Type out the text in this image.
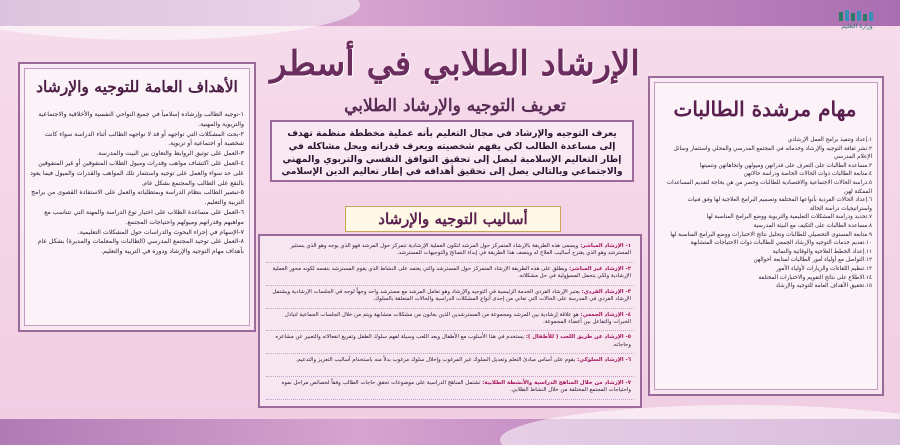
وزارة التعليم
الإرشاد الطلابي في أسطر
تعريف التوجيه والإرشاد الطلابي	مهام مرشدة الطالبات

١.إعداد وتنفيذ برامج العمل الإرشادي

٢.نشر ثقافة التوجيه والإرشاد وخدماته في المجتمع المدرسي والمحلي واستثمار وسائل الإعلام المدرسي

٣.مساعدة الطالبات على التعرف على قدراتهن وميولهن واتجاهاتهن وتنميتها

٤.متابعة الطالبات ذوات الحالات الخاصة ودراسة حالاتهن

٥.دراسة الحالات الاجتماعية والاقتصادية للطالبات وحصر من هن بحاجة لتقديم المساعدات الممكنة لهن

٦.إعداد الحالات الفردية بأنواعها المختلفة وتصميم البرامج العلاجية لها وفق فنيات واستراتيجيات دراسة الحالة

٧.تحديد ودراسة المشكلات التعليمية والتربوية ووضع البرامج المناسبة لها

٨.مساعدة الطالبات على التكيف مع البيئة المدرسية

٩.متابعة المستوى التحصيلي للطالبات وتحليل نتائج الاختبارات ووضع البرامج المناسبة لها

١٠.تقديم خدمات التوجيه والإرشاد الجمعي للطالبات ذوات الاحتياجات المتشابهة

١١.إعداد الخطط العلاجية والوقائية والنمائية

١٢.التواصل مع أولياء أمور الطالبات لمتابعة أحوالهن

١٣.تنظيم اللقاءات والزيارات لأولياء الأمور

١٤.الاطلاع على نتائج التقويم والاختبارات المختلفة

١٥.تحقيق الأهداف العامة للتوجيه والإرشاد

الأهداف العامة للتوجيه والإرشاد

١-توجيه الطالب وإرشاده إسلامياً في جميع النواحي النفسية والأخلاقية والاجتماعية والتربوية والمهنية.

٢-بحث المشكلات التي تواجهه أو قد لا تواجهه الطالب أثناء الدراسة سواء كانت شخصية أو اجتماعية أو تربوية.

٣-العمل على توثيق الروابط والتعاون بين البيت والمدرسة.

٤-العمل على اكتشاف مواهب وقدرات وميول الطلاب المتفوقين أو غير المتفوقين على حد سواء والعمل على توجيه واستثمار تلك المواهب والقدرات والميول فيما يعود بالنفع على الطالب والمجتمع بشكل عام.

٥-تبصير الطالب بنظام الدراسة وبمتطلباته والعمل على الاستفادة القصوى من برامج التربية والتعليم.

٦-العمل على مساعدة الطلاب على اختيار نوع الدراسة والمهنة التي تتناسب مع مواهبهم وقدراتهم وميولهم واحتياجات المجتمع.

٧-الإسهام في إجراء البحوث والدراسات حول المشكلات التعليمية.

٨-العمل على توحيد المجتمع المدرسي (الطالبات والمعلمات والمديرة) بشكل عام بأهداف مهام التوجيه والإرشاد ودوره في التربية والتعليم.

يعرف التوجيه والإرشاد في مجال التعليم بأنه عملية مخططة منظمة تهدف إلى مساعدة الطالب لكي يفهم شخصيته ويعرف قدراته ويحل مشاكله في إطار التعاليم الإسلامية ليصل إلى تحقيق التوافق النفسي والتربوي والمهني والاجتماعي وبالتالي يصل إلى تحقيق أهدافه في إطار تعاليم الدين الإسلامي
أساليب التوجيه والإرشاد
١- الإرشاد المباشر: ويسمى هذه الطريقة بالإرشاد المتمركز حول المرشد لتكون العملية الإرشادية تتمركز حول المرشد فهو الذي يوجه وهو الذي يستثير المسترشد وهو الذي يقترح أساليب العلاج له ويتصف هذا الطريقة في إبداء النصائح والتوجيهات للمسترشد.
٢- الإرشاد غير المباشر: ويطلق على هذه الطريقة الإرشاد المتمركز حول المسترشد والتي يعتمد على النشاط الذي يقوم المسترشد بنفسه لكونه محور العملية الإرشادية ولكي يتحمل المسؤولية في حل مشكلاته.
٣- الإرشاد الفردي: يعتبر الإرشاد الفردي الخدمة الرئيسية في التوجيه والإرشاد وهو تعامل المرشد مع مسترشد واحد وجهاً لوجه في الجلسات الإرشادية ويشتمل الإرشاد الفردي في المدرسة على الحالات التي تعاني من إحدى أنواع المشكلات الدراسية والحالات المتعلقة بالسلوك.
٤- الإرشاد الجمعي: هو علاقة إرشادية بين المرشد ومجموعة من المسترشدين الذين يعانون من مشكلات متشابهة ويتم من خلال الجلسات الجماعية لتبادل الخبرات والتفاعل بين أعضاء المجموعة.
٥- الإرشاد عن طريق اللعب ( للأطفال ): يستخدم في هذا الأسلوب مع الأطفال ويعد اللعب وسيلة لفهم سلوك الطفل وتفريغ انفعالاته والتعبير عن مشاعره وحاجاته.
٦- الإرشاد السلوكي: يقوم على أساس مبادئ التعلم وتعديل السلوك غير المرغوب وإحلال سلوك مرغوب بدلاً منه باستخدام أساليب التعزيز والتدعيم.
٧- الإرشاد من خلال المناهج الدراسية والأنشطة الطلابية: تشتمل المناهج الدراسية على موضوعات تحقق حاجات الطالب وفقاً لخصائص مراحل نموه واحتياجات المجتمع المختلفة من خلال النشاط الطلابي.
